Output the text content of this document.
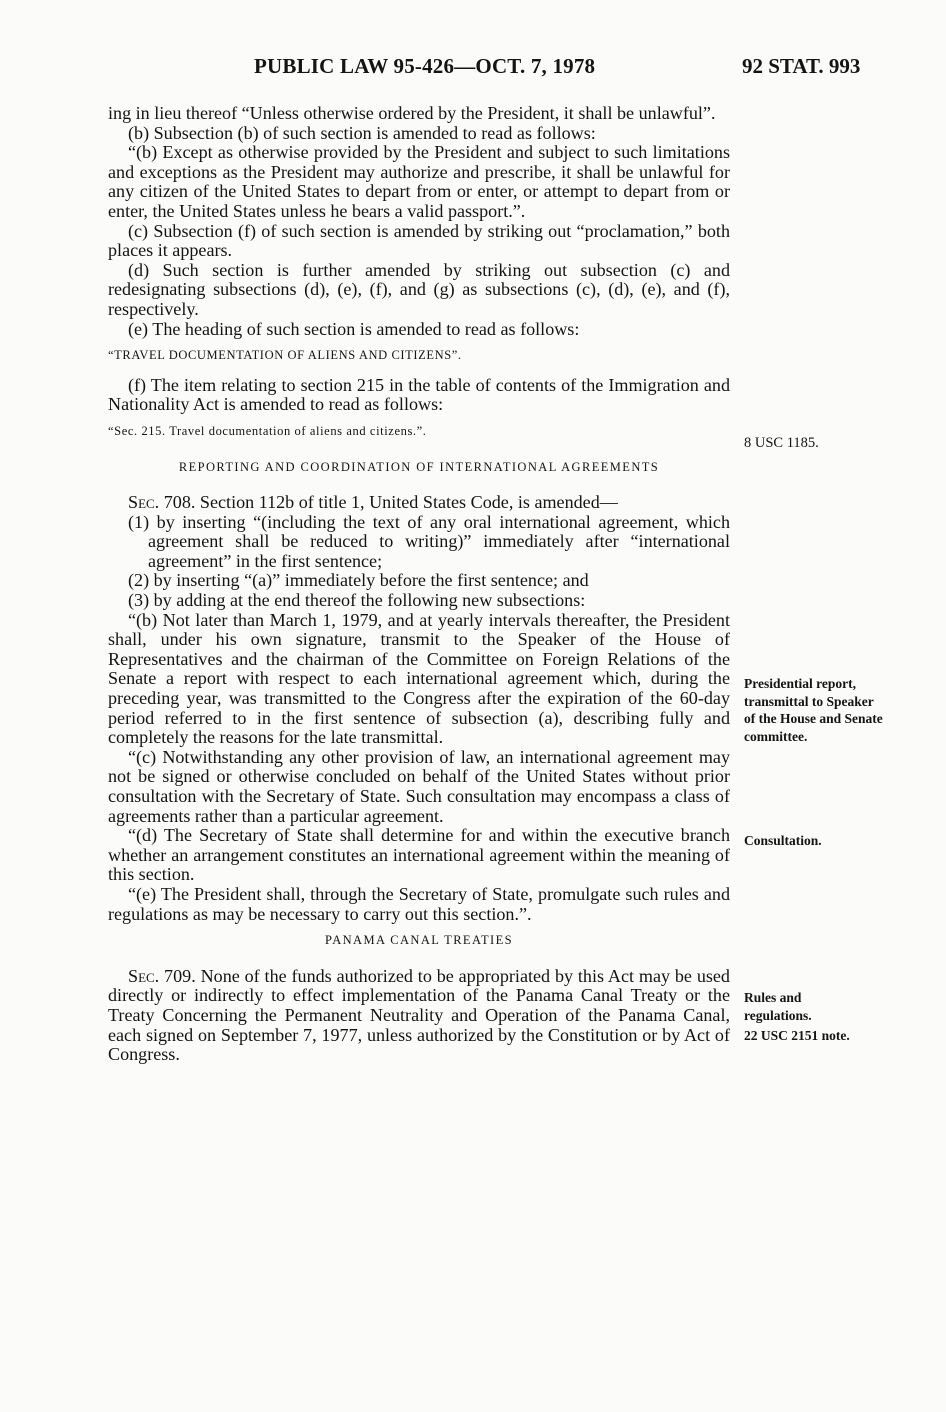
PUBLIC LAW 95-426—OCT. 7, 1978	92 STAT. 993

ing in lieu thereof “Unless otherwise ordered by the President, it shall be unlawful”.

(b) Subsection (b) of such section is amended to read as follows:

“(b) Except as otherwise provided by the President and subject to such limitations and exceptions as the President may authorize and prescribe, it shall be unlawful for any citizen of the United States to depart from or enter, or attempt to depart from or enter, the United States unless he bears a valid passport.”.

(c) Subsection (f) of such section is amended by striking out “proclamation,” both places it appears.

(d) Such section is further amended by striking out subsection (c) and redesignating subsections (d), (e), (f), and (g) as subsections (c), (d), (e), and (f), respectively.

(e) The heading of such section is amended to read as follows:

“TRAVEL DOCUMENTATION OF ALIENS AND CITIZENS”.

(f) The item relating to section 215 in the table of contents of the Immigration and Nationality Act is amended to read as follows:

“Sec. 215. Travel documentation of aliens and citizens.”.

REPORTING AND COORDINATION OF INTERNATIONAL AGREEMENTS

Sec. 708. Section 112b of title 1, United States Code, is amended—

(1) by inserting “(including the text of any oral international agreement, which agreement shall be reduced to writing)” immediately after “international agreement” in the first sentence;

(2) by inserting “(a)” immediately before the first sentence; and

(3) by adding at the end thereof the following new subsections:

“(b) Not later than March 1, 1979, and at yearly intervals thereafter, the President shall, under his own signature, transmit to the Speaker of the House of Representatives and the chairman of the Committee on Foreign Relations of the Senate a report with respect to each international agreement which, during the preceding year, was transmitted to the Congress after the expiration of the 60-day period referred to in the first sentence of subsection (a), describing fully and completely the reasons for the late transmittal.

“(c) Notwithstanding any other provision of law, an international agreement may not be signed or otherwise concluded on behalf of the United States without prior consultation with the Secretary of State. Such consultation may encompass a class of agreements rather than a particular agreement.

“(d) The Secretary of State shall determine for and within the executive branch whether an arrangement constitutes an international agreement within the meaning of this section.

“(e) The President shall, through the Secretary of State, promulgate such rules and regulations as may be necessary to carry out this section.”.

PANAMA CANAL TREATIES

Sec. 709. None of the funds authorized to be appropriated by this Act may be used directly or indirectly to effect implementation of the Panama Canal Treaty or the Treaty Concerning the Permanent Neutrality and Operation of the Panama Canal, each signed on September 7, 1977, unless authorized by the Constitution or by Act of Congress.

8 USC 1185.
Presidential report, transmittal to Speaker of the House and Senate committee.
Consultation.
Rules and regulations.
22 USC 2151 note.
